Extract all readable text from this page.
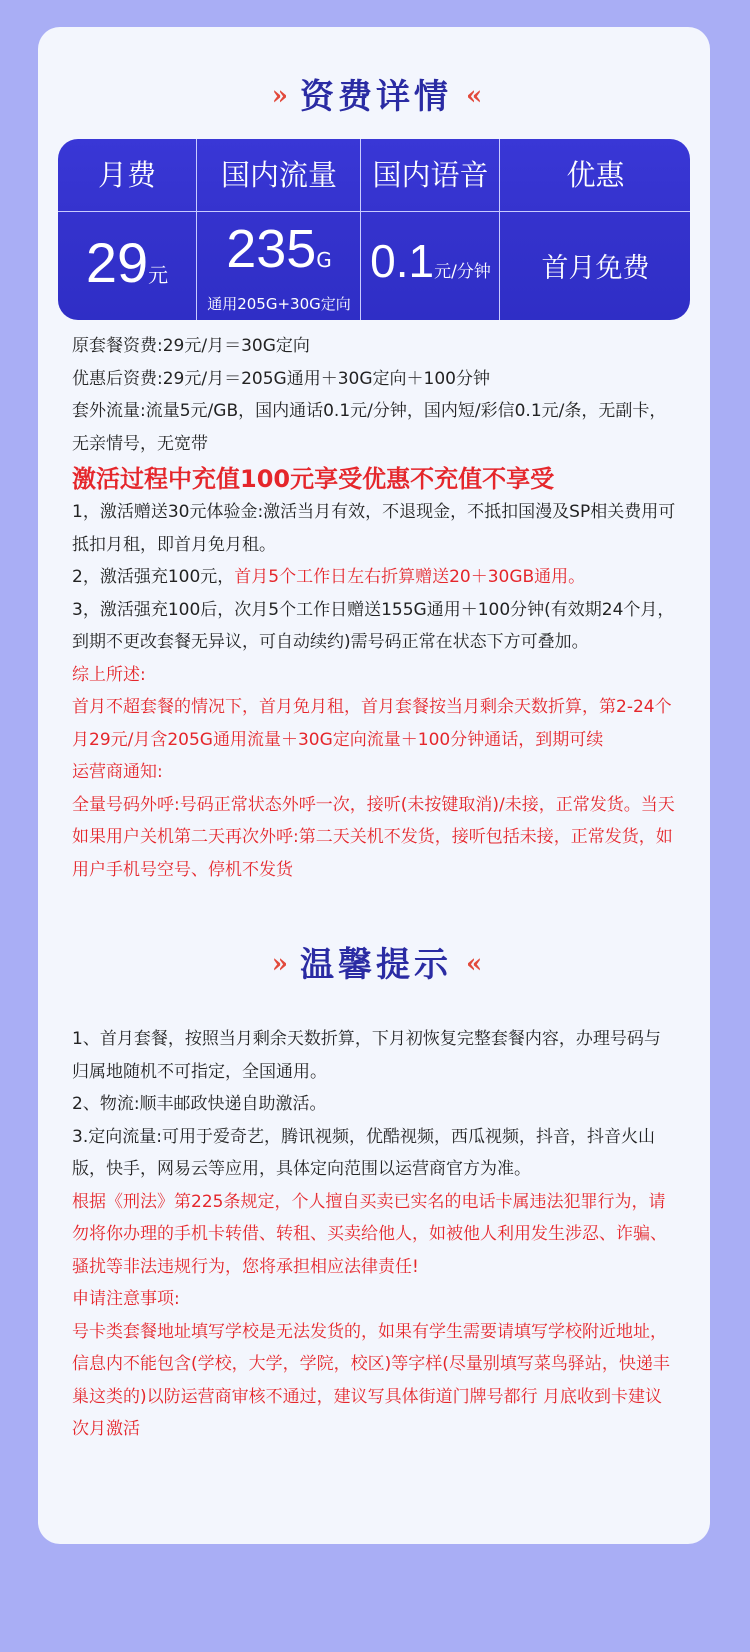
» 资费详情 «
月费
29元
国内流量
235G
通用205G+30G定向
国内语音
0.1元/分钟
优惠
首月免费

原套餐资费:29元/月＝30G定向

优惠后资费:29元/月＝205G通用＋30G定向＋100分钟

套外流量:流量5元/GB，国内通话0.1元/分钟，国内短/彩信0.1元/条，无副卡，无亲情号，无宽带

激活过程中充值100元享受优惠不充值不享受

1，激活赠送30元体验金:激活当月有效，不退现金，不抵扣国漫及SP相关费用可抵扣月租，即首月免月租。

2，激活强充100元，首月5个工作日左右折算赠送20＋30GB通用。

3，激活强充100后，次月5个工作日赠送155G通用＋100分钟(有效期24个月，到期不更改套餐无异议，可自动续约)需号码正常在状态下方可叠加。

综上所述:

首月不超套餐的情况下，首月免月租，首月套餐按当月剩余天数折算，第2-24个月29元/月含205G通用流量＋30G定向流量＋100分钟通话，到期可续

运营商通知:

全量号码外呼:号码正常状态外呼一次，接听(未按键取消)/未接，正常发货。当天如果用户关机第二天再次外呼:第二天关机不发货，接听包括未接，正常发货，如用户手机号空号、停机不发货

» 温馨提示 «

1、首月套餐，按照当月剩余天数折算，下月初恢复完整套餐内容，办理号码与归属地随机不可指定，全国通用。

2、物流:顺丰邮政快递自助激活。

3.定向流量:可用于爱奇艺，腾讯视频，优酷视频，西瓜视频，抖音，抖音火山版，快手，网易云等应用，具体定向范围以运营商官方为准。

根据《刑法》第225条规定，个人擅自买卖已实名的电话卡属违法犯罪行为，请勿将你办理的手机卡转借、转租、买卖给他人，如被他人利用发生涉忍、诈骗、骚扰等非法违规行为，您将承担相应法律责任!

申请注意事项:

号卡类套餐地址填写学校是无法发货的，如果有学生需要请填写学校附近地址，信息内不能包含(学校，大学，学院，校区)等字样(尽量别填写菜鸟驿站，快递丰巢这类的)以防运营商审核不通过，建议写具体街道门牌号都行 月底收到卡建议次月激活
